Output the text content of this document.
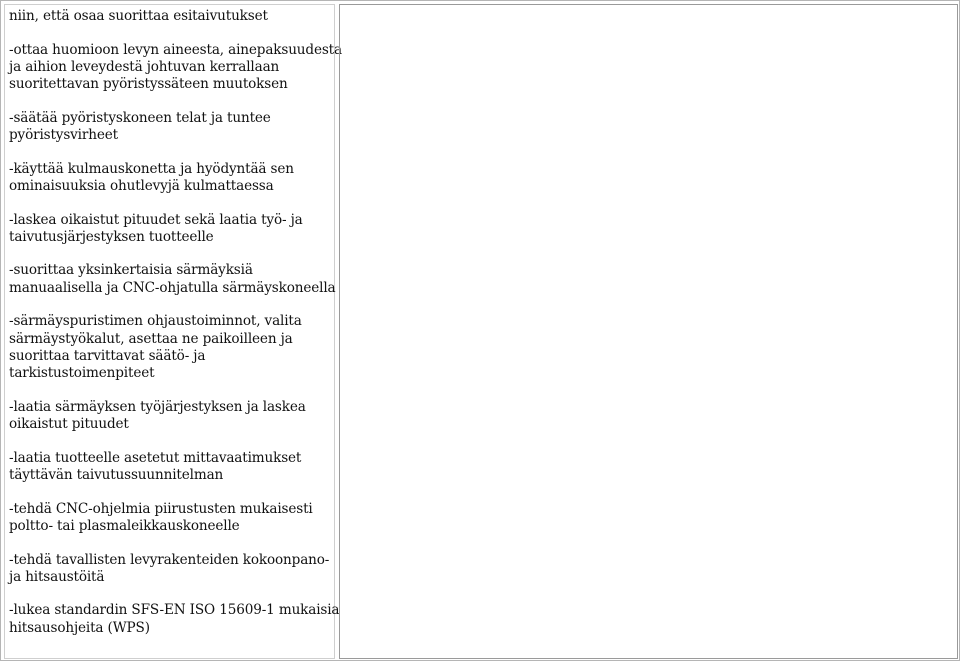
niin, että osaa suorittaa esitaivutukset

-ottaa huomioon levyn aineesta, ainepaksuudesta
ja aihion leveydestä johtuvan kerrallaan
suoritettavan pyöristyssäteen muutoksen

-säätää pyöristyskoneen telat ja tuntee
pyöristysvirheet

-käyttää kulmauskonetta ja hyödyntää sen
ominaisuuksia ohutlevyjä kulmattaessa

-laskea oikaistut pituudet sekä laatia työ- ja
taivutusjärjestyksen tuotteelle

-suorittaa yksinkertaisia särmäyksiä
manuaalisella ja CNC-ohjatulla särmäyskoneella

-särmäyspuristimen ohjaustoiminnot, valita
särmäystyökalut, asettaa ne paikoilleen ja
suorittaa tarvittavat säätö- ja
tarkistustoimenpiteet

-laatia särmäyksen työjärjestyksen ja laskea
oikaistut pituudet

-laatia tuotteelle asetetut mittavaatimukset
täyttävän taivutussuunnitelman

-tehdä CNC-ohjelmia piirustusten mukaisesti
poltto- tai plasmaleikkauskoneelle

-tehdä tavallisten levyrakenteiden kokoonpano-
ja hitsaustöitä

-lukea standardin SFS-EN ISO 15609-1 mukaisia
hitsausohjeita (WPS)
